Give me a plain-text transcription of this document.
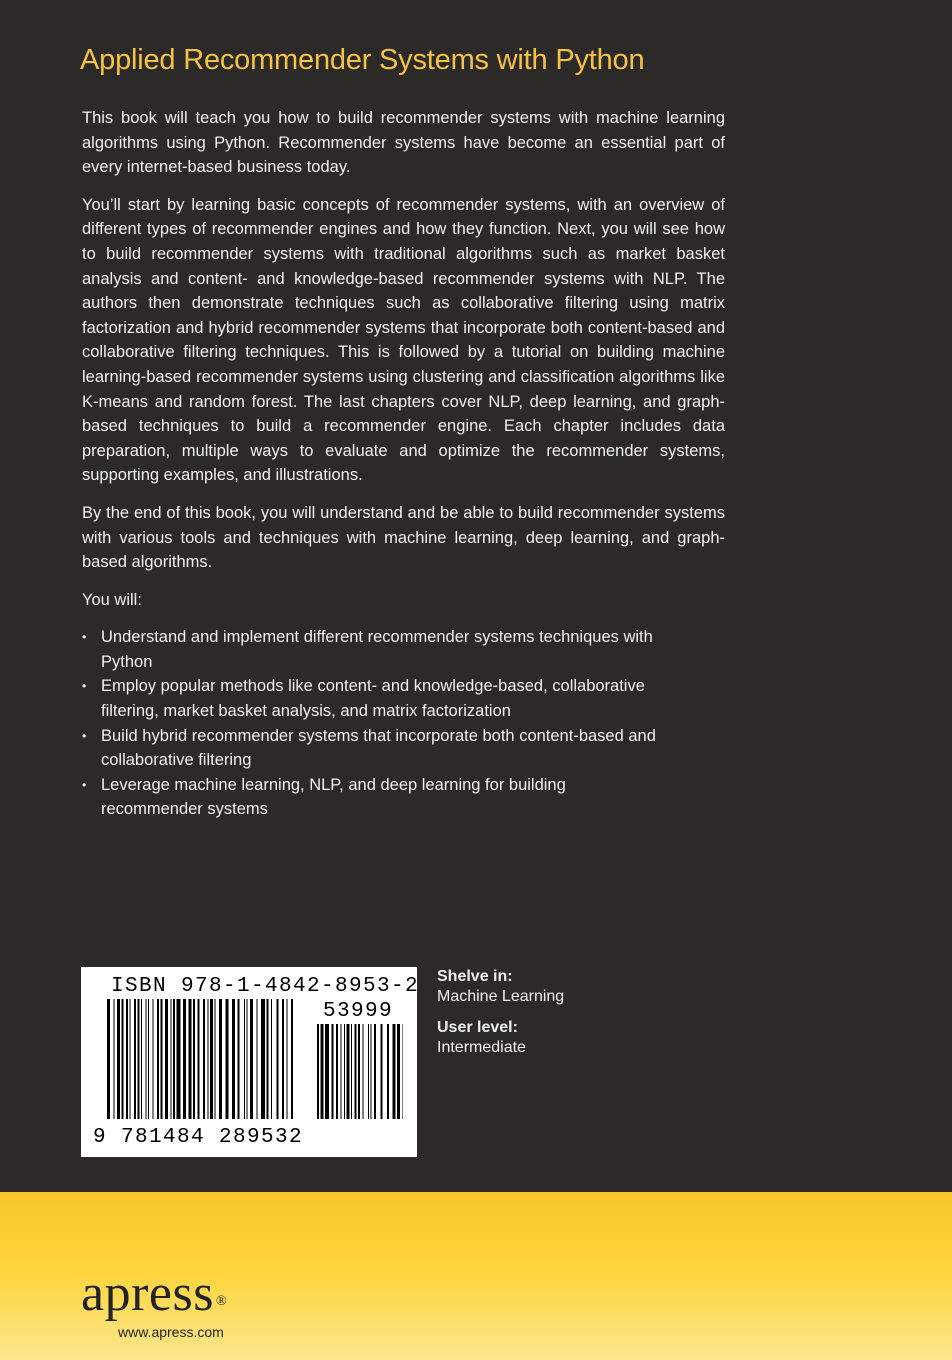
Applied Recommender Systems with Python

This book will teach you how to build recommender systems with machine learning algorithms using Python. Recommender systems have become an essential part of every internet-based business today.

You’ll start by learning basic concepts of recommender systems, with an overview of different types of recommender engines and how they function. Next, you will see how to build recommender systems with traditional algorithms such as market basket analysis and content- and knowledge-based recommender systems with NLP. The authors then demonstrate techniques such as collaborative filtering using matrix factorization and hybrid recommender systems that incorporate both content-based and collaborative filtering techniques. This is followed by a tutorial on building machine learning-based recommender systems using clustering and classification algorithms like K-means and random forest. The last chapters cover NLP, deep learning, and graph-based techniques to build a recommender engine. Each chapter includes data preparation, multiple ways to evaluate and optimize the recommender systems, supporting examples, and illustrations.

By the end of this book, you will understand and be able to build recommender systems with various tools and techniques with machine learning, deep learning, and graph-based algorithms.

You will:

• Understand and implement different recommender systems techniques with Python
• Employ popular methods like content- and knowledge-based, collaborative filtering, market basket analysis, and matrix factorization
• Build hybrid recommender systems that incorporate both content-based and collaborative filtering
• Leverage machine learning, NLP, and deep learning for building recommender systems
ISBN 978-1-4842-8953-2
53999
9 781484 289532
Shelve in:
Machine Learning
User level:
Intermediate
apress ®
www.apress.com
